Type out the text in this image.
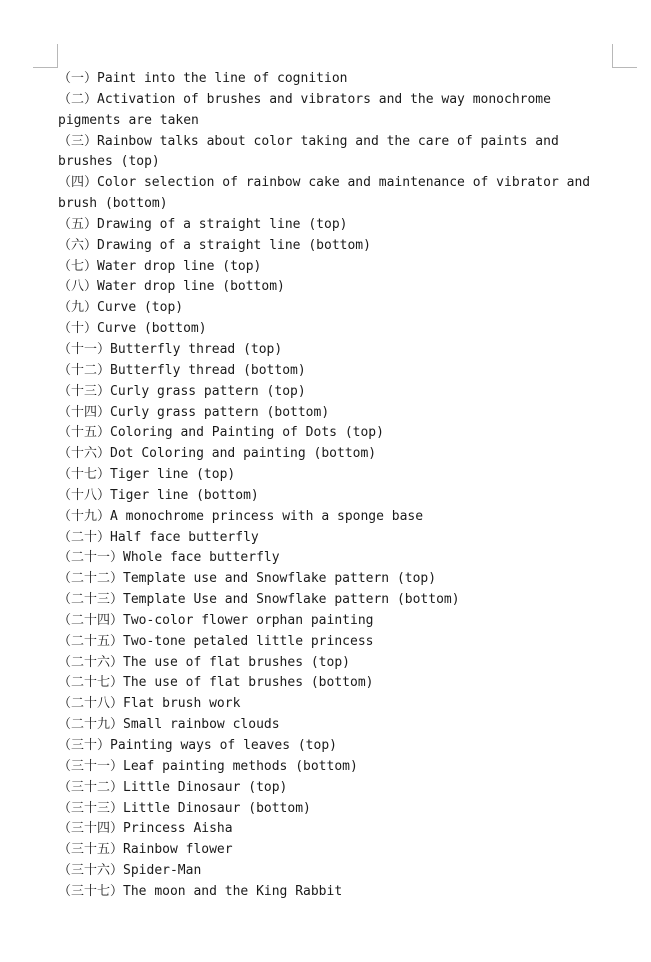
（一）Paint into the line of cognition
（二）Activation of brushes and vibrators and the way monochrome pigments are taken
（三）Rainbow talks about color taking and the care of paints and brushes (top)
（四）Color selection of rainbow cake and maintenance of vibrator and brush (bottom)
（五）Drawing of a straight line (top)
（六）Drawing of a straight line (bottom)
（七）Water drop line (top)
（八）Water drop line (bottom)
（九）Curve (top)
（十）Curve (bottom)
（十一）Butterfly thread (top)
（十二）Butterfly thread (bottom)
（十三）Curly grass pattern (top)
（十四）Curly grass pattern (bottom)
（十五）Coloring and Painting of Dots (top)
（十六）Dot Coloring and painting (bottom)
（十七）Tiger line (top)
（十八）Tiger line (bottom)
（十九）A monochrome princess with a sponge base
（二十）Half face butterfly
（二十一）Whole face butterfly
（二十二）Template use and Snowflake pattern (top)
（二十三）Template Use and Snowflake pattern (bottom)
（二十四）Two-color flower orphan painting
（二十五）Two-tone petaled little princess
（二十六）The use of flat brushes (top)
（二十七）The use of flat brushes (bottom)
（二十八）Flat brush work
（二十九）Small rainbow clouds
（三十）Painting ways of leaves (top)
（三十一）Leaf painting methods (bottom)
（三十二）Little Dinosaur (top)
（三十三）Little Dinosaur (bottom)
（三十四）Princess Aisha
（三十五）Rainbow flower
（三十六）Spider-Man
（三十七）The moon and the King Rabbit
